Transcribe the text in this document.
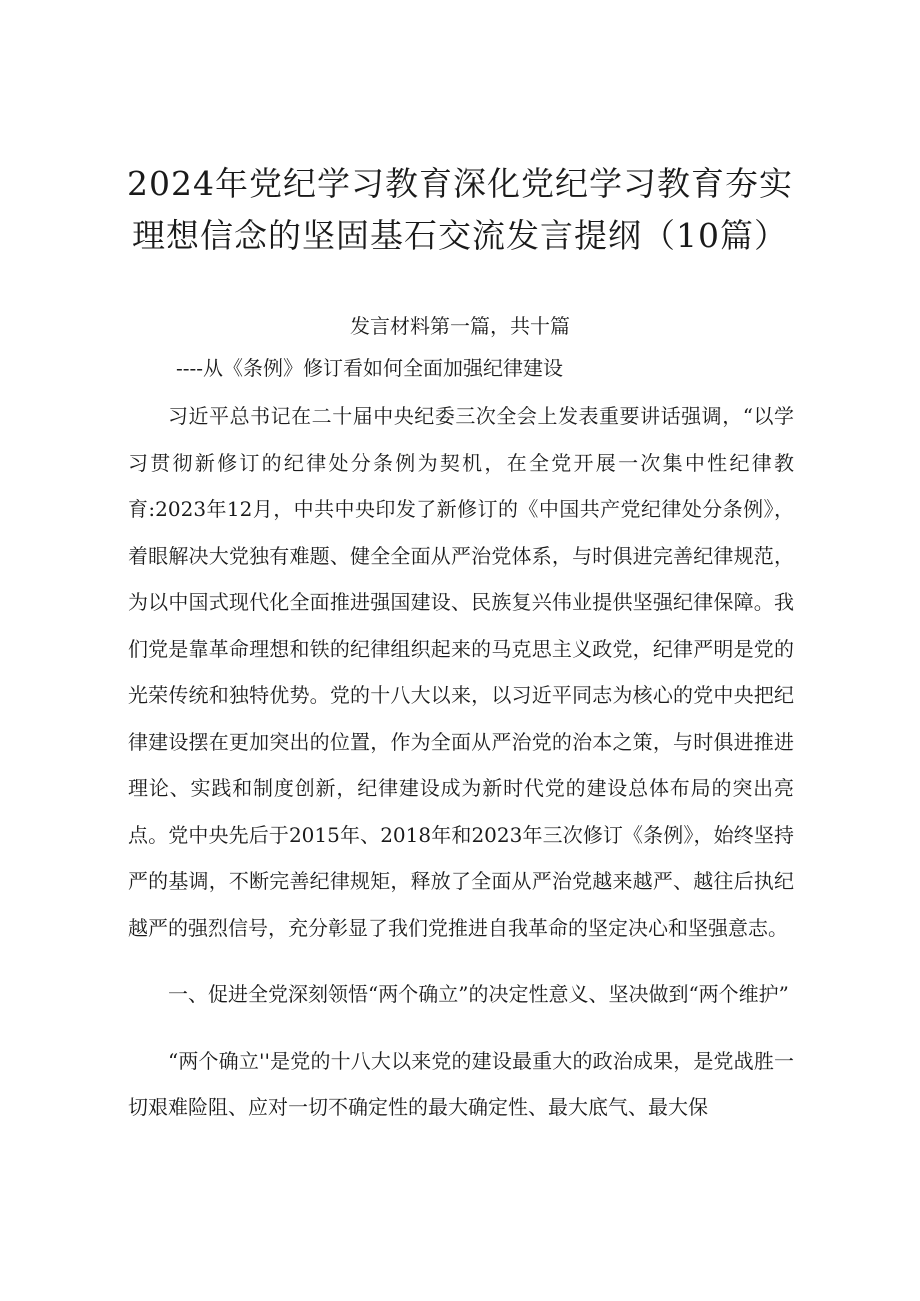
2024年党纪学习教育深化党纪学习教育夯实
理想信念的坚固基石交流发言提纲（10篇）

发言材料第一篇，共十篇

----从《条例》修订看如何全面加强纪律建设

习近平总书记在二十届中央纪委三次全会上发表重要讲话强调，“以学习贯彻新修订的纪律处分条例为契机，在全党开展一次集中性纪律教育:2023年12月，中共中央印发了新修订的《中国共产党纪律处分条例》，着眼解决大党独有难题、健全全面从严治党体系，与时俱进完善纪律规范，为以中国式现代化全面推进强国建设、民族复兴伟业提供坚强纪律保障。我们党是靠革命理想和铁的纪律组织起来的马克思主义政党，纪律严明是党的光荣传统和独特优势。党的十八大以来，以习近平同志为核心的党中央把纪律建设摆在更加突出的位置，作为全面从严治党的治本之策，与时俱进推进理论、实践和制度创新，纪律建设成为新时代党的建设总体布局的突出亮点。党中央先后于2015年、2018年和2023年三次修订《条例》，始终坚持严的基调，不断完善纪律规矩，释放了全面从严治党越来越严、越往后执纪越严的强烈信号，充分彰显了我们党推进自我革命的坚定决心和坚强意志。

一、促进全党深刻领悟“两个确立”的决定性意义、坚决做到“两个维护”

“两个确立''是党的十八大以来党的建设最重大的政治成果，是党战胜一切艰难险阻、应对一切不确定性的最大确定性、最大底气、最大保
